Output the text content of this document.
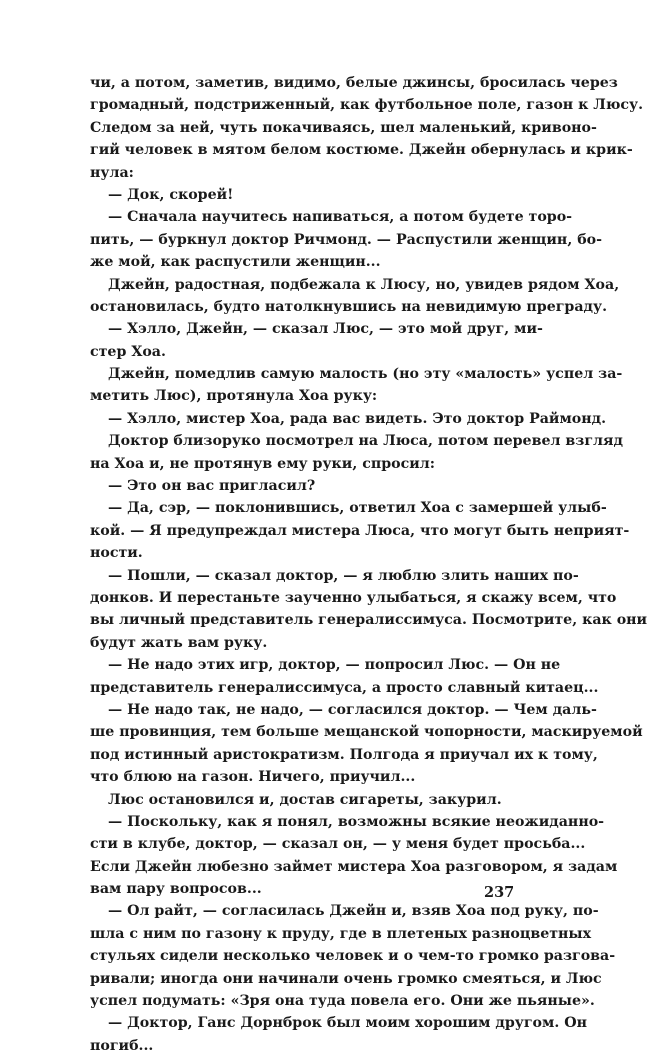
чи, а потом, заметив, видимо, белые джинсы, бросилась через
громадный, подстриженный, как футбольное поле, газон к Люсу.
Следом за ней, чуть покачиваясь, шел маленький, кривоно-
гий человек в мятом белом костюме. Джейн обернулась и крик-
нула:
— Док, скорей!
— Сначала научитесь напиваться, а потом будете торо-
пить, — буркнул доктор Ричмонд. — Распустили женщин, бо-
же мой, как распустили женщин...
Джейн, радостная, подбежала к Люсу, но, увидев рядом Хоа,
остановилась, будто натолкнувшись на невидимую преграду.
— Хэлло, Джейн, — сказал Люс, — это мой друг, ми-
стер Хоа.
Джейн, помедлив самую малость (но эту «малость» успел за-
метить Люс), протянула Хоа руку:
— Хэлло, мистер Хоа, рада вас видеть. Это доктор Раймонд.
Доктор близоруко посмотрел на Люса, потом перевел взгляд
на Хоа и, не протянув ему руки, спросил:
— Это он вас пригласил?
— Да, сэр, — поклонившись, ответил Хоа с замершей улыб-
кой. — Я предупреждал мистера Люса, что могут быть неприят-
ности.
— Пошли, — сказал доктор, — я люблю злить наших по-
донков. И перестаньте заученно улыбаться, я скажу всем, что
вы личный представитель генералиссимуса. Посмотрите, как они
будут жать вам руку.
— Не надо этих игр, доктор, — попросил Люс. — Он не
представитель генералиссимуса, а просто славный китаец...
— Не надо так, не надо, — согласился доктор. — Чем даль-
ше провинция, тем больше мещанской чопорности, маскируемой
под истинный аристократизм. Полгода я приучал их к тому,
что блюю на газон. Ничего, приучил...
Люс остановился и, достав сигареты, закурил.
— Поскольку, как я понял, возможны всякие неожиданно-
сти в клубе, доктор, — сказал он, — у меня будет просьба...
Если Джейн любезно займет мистера Хоа разговором, я задам
вам пару вопросов...
— Ол райт, — согласилась Джейн и, взяв Хоа под руку, по-
шла с ним по газону к пруду, где в плетеных разноцветных
стульях сидели несколько человек и о чем-то громко разгова-
ривали; иногда они начинали очень громко смеяться, и Люс
успел подумать: «Зря она туда повела его. Они же пьяные».
— Доктор, Ганс Дорнброк был моим хорошим другом. Он
погиб...
237
